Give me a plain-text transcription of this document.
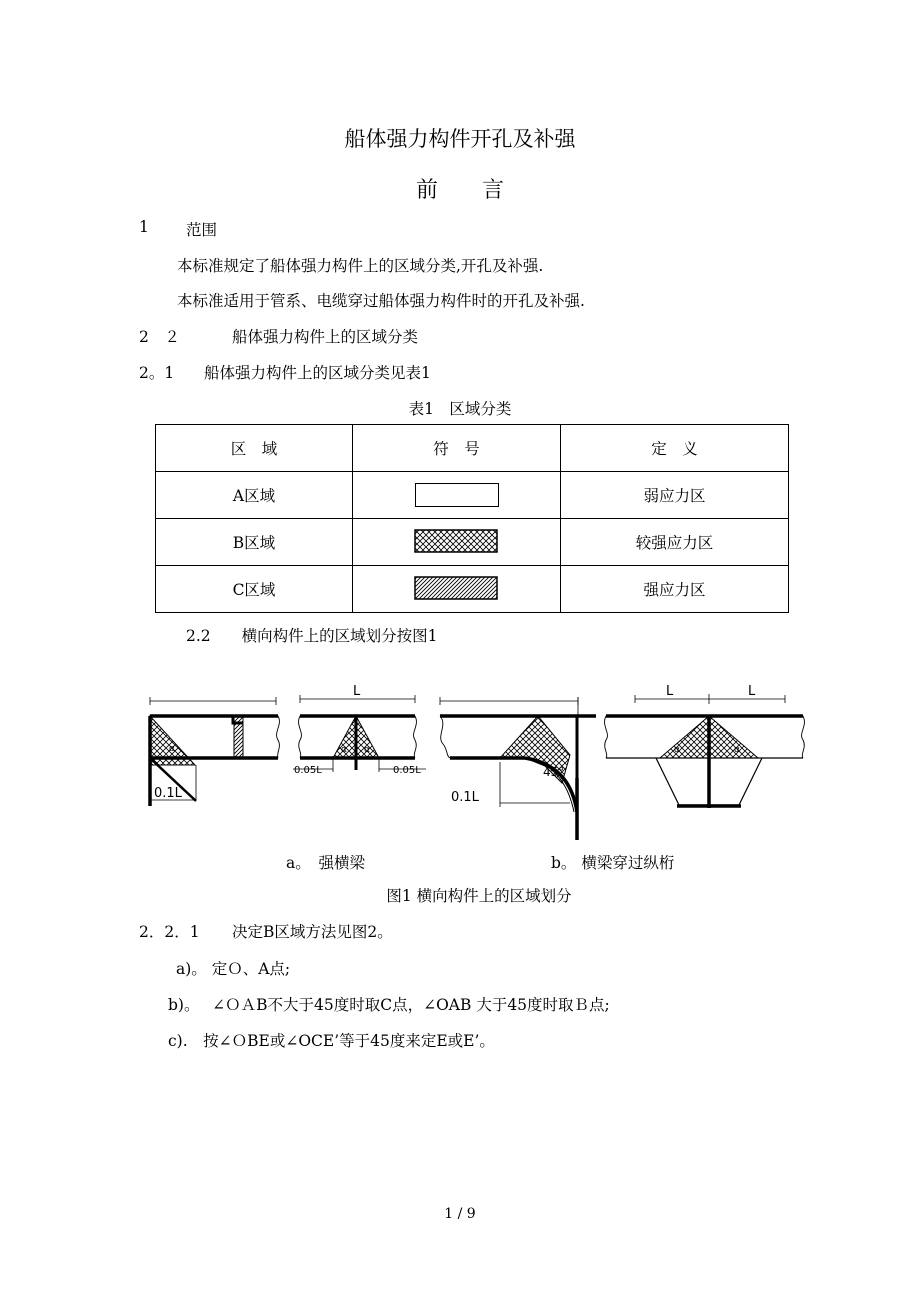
船体强力构件开孔及补强
前　　言
1 范围
本标准规定了船体强力构件上的区域分类,开孔及补强.
本标准适用于管系、电缆穿过船体强力构件时的开孔及补强.
2　２	船体强力构件上的区域分类
2。1 船体强力构件上的区域分类见表1
表1　区域分类
区　域	符　号	定　义
A区域		弱应力区
B区域		较强应力区
C区域		强应力区
2.2　　横向构件上的区域划分按图1
α
0.1L
L
α α
0.05L	0.05L	45°
0.1L
L	L
α	α
a。　强横梁	b。 横梁穿过纵桁
图1 横向构件上的区域划分
2．2．1 决定B区域方法见图2。
a)。 定Ｏ、A点;
b)。　 ∠ＯＡB不大于45度时取C点，∠OAB 大于45度时取Ｂ点;
c).　按∠ＯBE或∠OCE’等于45度来定E或E’。
1 / 9
